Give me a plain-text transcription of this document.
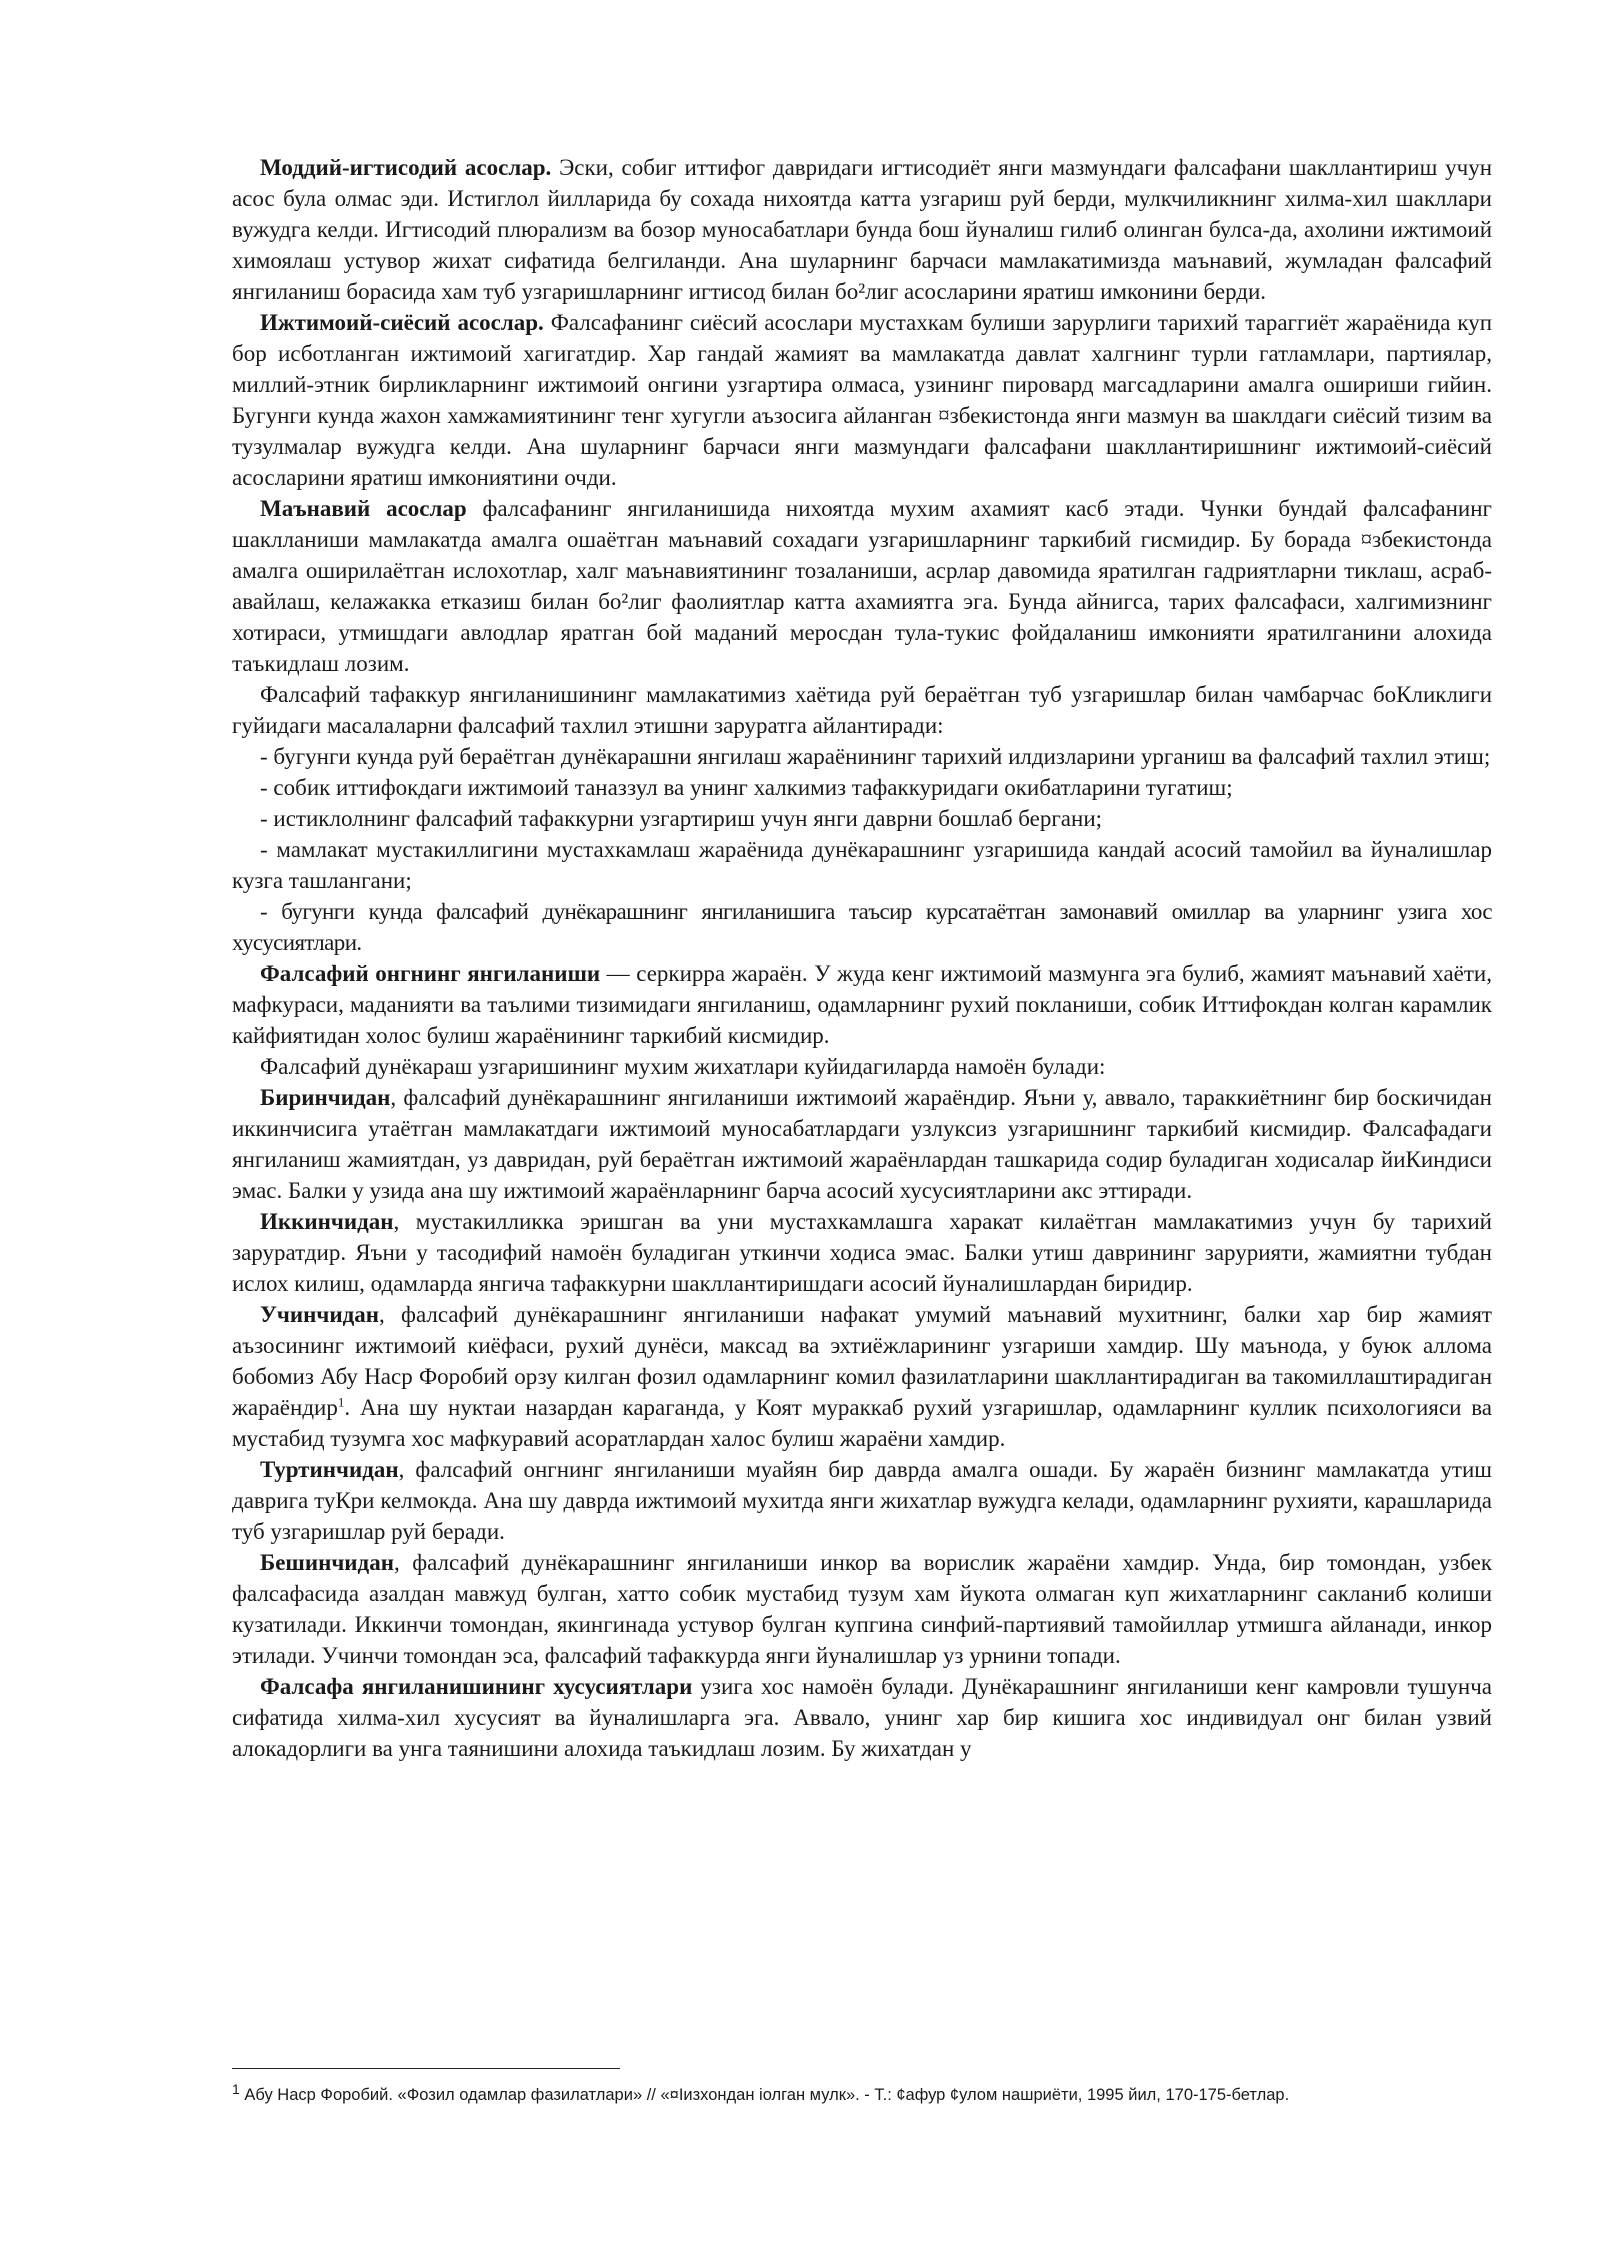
Моддий-игтисодий асослар. Эски, собиг иттифог давридаги игтисодиёт янги мазмундаги фалсафани шакллантириш учун асос була олмас эди. Истиглол йилларида бу сохада нихоятда катта узгариш руй берди, мулкчиликнинг хилма-хил шакллари вужудга келди. Игтисодий плюрализм ва бозор муносабатлари бунда бош йуналиш гилиб олинган булса-да, ахолини ижтимоий химоялаш устувор жихат сифатида белгиланди. Ана шуларнинг барчаси мамлакатимизда маънавий, жумладан фалсафий янгиланиш борасида хам туб узгаришларнинг игтисод билан бо²лиг асосларини яратиш имконини берди.

Ижтимоий-сиёсий асослар. Фалсафанинг сиёсий асослари мустахкам булиши зарурлиги тарихий тараггиёт жараёнида куп бор исботланган ижтимоий хагигатдир. Хар гандай жамият ва мамлакатда давлат халгнинг турли гатламлари, партиялар, миллий-этник бирликларнинг ижтимоий онгини узгартира олмаса, узининг пировард магсадларини амалга ошириши гийин. Бугунги кунда жахон хамжамиятининг тенг хугугли аъзосига айланган ¤збекистонда янги мазмун ва шаклдаги сиёсий тизим ва тузулмалар вужудга келди. Ана шуларнинг барчаси янги мазмундаги фалсафани шакллантиришнинг ижтимоий-сиёсий асосларини яратиш имкониятини очди.

Маънавий асослар фалсафанинг янгиланишида нихоятда мухим ахамият касб этади. Чунки бундай фалсафанинг шаклланиши мамлакатда амалга ошаётган маънавий сохадаги узгаришларнинг таркибий гисмидир. Бу борада ¤збекистонда амалга оширилаётган ислохотлар, халг маънавиятининг тозаланиши, асрлар давомида яратилган гадриятларни тиклаш, асраб-авайлаш, келажакка етказиш билан бо²лиг фаолиятлар катта ахамиятга эга. Бунда айнигса, тарих фалсафаси, халгимизнинг хотираси, утмишдаги авлодлар яратган бой маданий меросдан тула-тукис фойдаланиш имконияти яратилганини алохида таъкидлаш лозим.

Фалсафий тафаккур янгиланишининг мамлакатимиз хаётида руй бераётган туб узгаришлар билан чамбарчас боКликлиги гуйидаги масалаларни фалсафий тахлил этишни заруратга айлантиради:

- бугунги кунда руй бераётган дунёкарашни янгилаш жараёнининг тарихий илдизларини урганиш ва фалсафий тахлил этиш;

- собик иттифокдаги ижтимоий таназзул ва унинг халкимиз тафаккуридаги окибатларини тугатиш;

- истиклолнинг фалсафий тафаккурни узгартириш учун янги даврни бошлаб бергани;

- мамлакат мустакиллигини мустахкамлаш жараёнида дунёкарашнинг узгаришида кандай асосий тамойил ва йуналишлар кузга ташлангани;

- бугунги кунда фалсафий дунёкарашнинг янгиланишига таъсир курсатаётган замонавий омиллар ва уларнинг узига хос хусусиятлари.

Фалсафий онгнинг янгиланиши — серкирра жараён. У жуда кенг ижтимоий мазмунга эга булиб, жамият маънавий хаёти, мафкураси, маданияти ва таълими тизимидаги янгиланиш, одамларнинг рухий покланиши, собик Иттифокдан колган карамлик кайфиятидан холос булиш жараёнининг таркибий кисмидир.

Фалсафий дунёкараш узгаришининг мухим жихатлари куйидагиларда намоён булади:

Биринчидан, фалсафий дунёкарашнинг янгиланиши ижтимоий жараёндир. Яъни у, аввало, тараккиётнинг бир боскичидан иккинчисига утаётган мамлакатдаги ижтимоий муносабатлардаги узлуксиз узгаришнинг таркибий кисмидир. Фалсафадаги янгиланиш жамиятдан, уз давридан, руй бераётган ижтимоий жараёнлардан ташкарида содир буладиган ходисалар йиКиндиси эмас. Балки у узида ана шу ижтимоий жараёнларнинг барча асосий хусусиятларини акс эттиради.

Иккинчидан, мустакилликка эришган ва уни мустахкамлашга харакат килаётган мамлакатимиз учун бу тарихий заруратдир. Яъни у тасодифий намоён буладиган уткинчи ходиса эмас. Балки утиш даврининг зарурияти, жамиятни тубдан ислох килиш, одамларда янгича тафаккурни шакллантиришдаги асосий йуналишлардан биридир.

Учинчидан, фалсафий дунёкарашнинг янгиланиши нафакат умумий маънавий мухитнинг, балки хар бир жамият аъзосининг ижтимоий киёфаси, рухий дунёси, максад ва эхтиёжларининг узгариши хамдир. Шу маънода, у буюк аллома бобомиз Абу Наср Форобий орзу килган фозил одамларнинг комил фазилатларини шакллантирадиган ва такомиллаштирадиган жараёндир$^1$. Ана шу нуктаи назардан караганда, у Коят мураккаб рухий узгаришлар, одамларнинг куллик психологияси ва мустабид тузумга хос мафкуравий асоратлардан халос булиш жараёни хамдир.

Туртинчидан, фалсафий онгнинг янгиланиши муайян бир даврда амалга ошади. Бу жараён бизнинг мамлакатда утиш даврига туКри келмокда. Ана шу даврда ижтимоий мухитда янги жихатлар вужудга келади, одамларнинг рухияти, карашларида туб узгаришлар руй беради.

Бешинчидан, фалсафий дунёкарашнинг янгиланиши инкор ва ворислик жараёни хамдир. Унда, бир томондан, узбек фалсафасида азалдан мавжуд булган, хатто собик мустабид тузум хам йукота олмаган куп жихатларнинг сакланиб колиши кузатилади. Иккинчи томондан, якингинада устувор булган купгина синфий-партиявий тамойиллар утмишга айланади, инкор этилади. Учинчи томондан эса, фалсафий тафаккурда янги йуналишлар уз урнини топади.

Фалсафа янгиланишининг хусусиятлари узига хос намоён булади. Дунёкарашнинг янгиланиши кенг камровли тушунча сифатида хилма-хил хусусият ва йуналишларга эга. Аввало, унинг хар бир кишига хос индивидуал онг билан узвий алокадорлиги ва унга таянишини алохида таъкидлаш лозим. Бу жихатдан у

$^1$ Абу Наср Форобий. «Фозил одамлар фазилатлари» // «¤Іизхондан іолган мулк». - Т.: ¢афур ¢улом нашриёти, 1995 йил, 170-175-бетлар.
